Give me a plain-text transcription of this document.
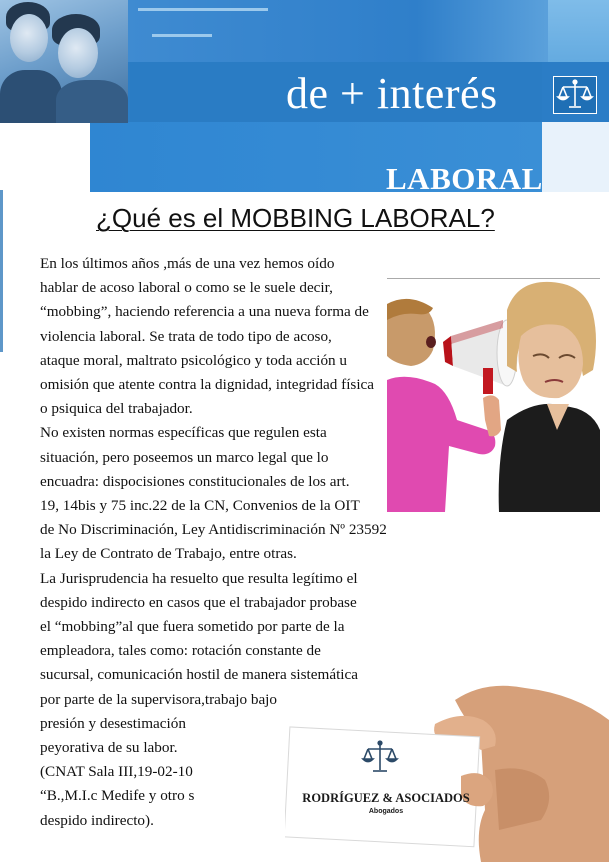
de + interés
LABORAL
¿Qué es el MOBBING LABORAL?
En los últimos años ,más de una vez hemos oído
hablar de acoso laboral o como se le suele decir,
“mobbing”, haciendo referencia a una nueva forma de
violencia laboral. Se trata de todo tipo de acoso,
ataque moral, maltrato psicológico y toda acción u
omisión que atente contra la dignidad, integridad física
o psiquica del trabajador.
No existen normas específicas que regulen esta
situación, pero poseemos un marco legal que lo
encuadra: dispocisiones constitucionales de los art.
19, 14bis y 75 inc.22 de la CN, Convenios de la OIT
de No Discriminación, Ley Antidiscriminación Nº 23592
la Ley de Contrato de Trabajo, entre otras.
La Jurisprudencia ha resuelto que resulta legítimo el
despido indirecto en casos que el trabajador probase
el “mobbing”al que fuera sometido por parte de la
empleadora, tales como: rotación constante de
sucursal, comunicación hostil de manera sistemática
por parte de la supervisora,trabajo bajo
presión y desestimación
peyorativa de su labor.
(CNAT Sala III,19-02-10
“B.,M.I.c Medife y otro s
despido indirecto).
RODRÍGUEZ & ASOCIADOS
Abogados
